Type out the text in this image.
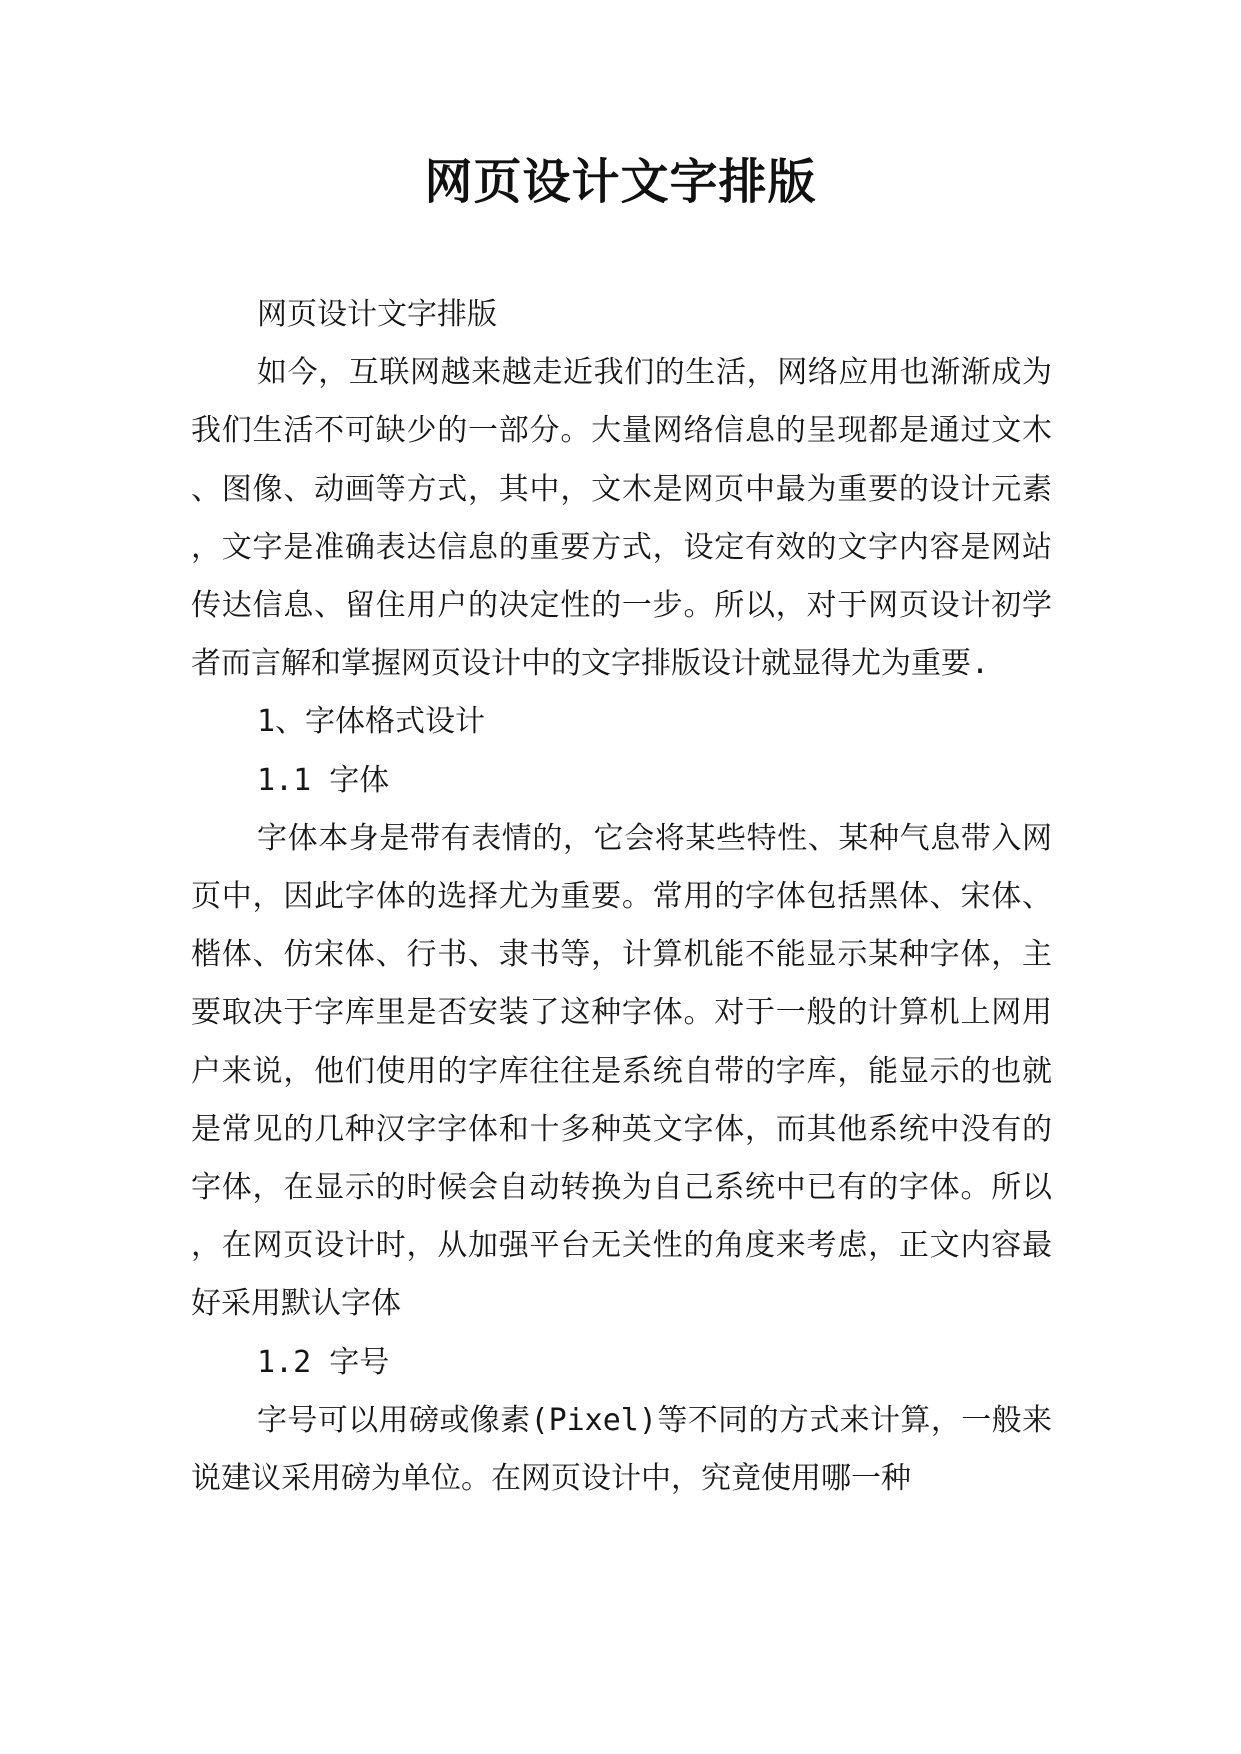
网页设计文字排版

网页设计文字排版

如今，互联网越来越走近我们的生活，网络应用也渐渐成为我们生活不可缺少的一部分。大量网络信息的呈现都是通过文木、图像、动画等方式，其中，文木是网页中最为重要的设计元素，文字是准确表达信息的重要方式，设定有效的文字内容是网站传达信息、留住用户的决定性的一步。所以，对于网页设计初学者而言解和掌握网页设计中的文字排版设计就显得尤为重要.

1、字体格式设计

1.1 字体

字体本身是带有表情的，它会将某些特性、某种气息带入网页中，因此字体的选择尤为重要。常用的字体包括黑体、宋体、楷体、仿宋体、行书、隶书等，计算机能不能显示某种字体，主要取决于字库里是否安装了这种字体。对于一般的计算机上网用户来说，他们使用的字库往往是系统自带的字库，能显示的也就是常见的几种汉字字体和十多种英文字体，而其他系统中没有的字体，在显示的时候会自动转换为自己系统中已有的字体。所以，在网页设计时，从加强平台无关性的角度来考虑，正文内容最好采用默认字体

1.2 字号

字号可以用磅或像素(Pixel)等不同的方式来计算，一般来说建议采用磅为单位。在网页设计中，究竟使用哪一种
